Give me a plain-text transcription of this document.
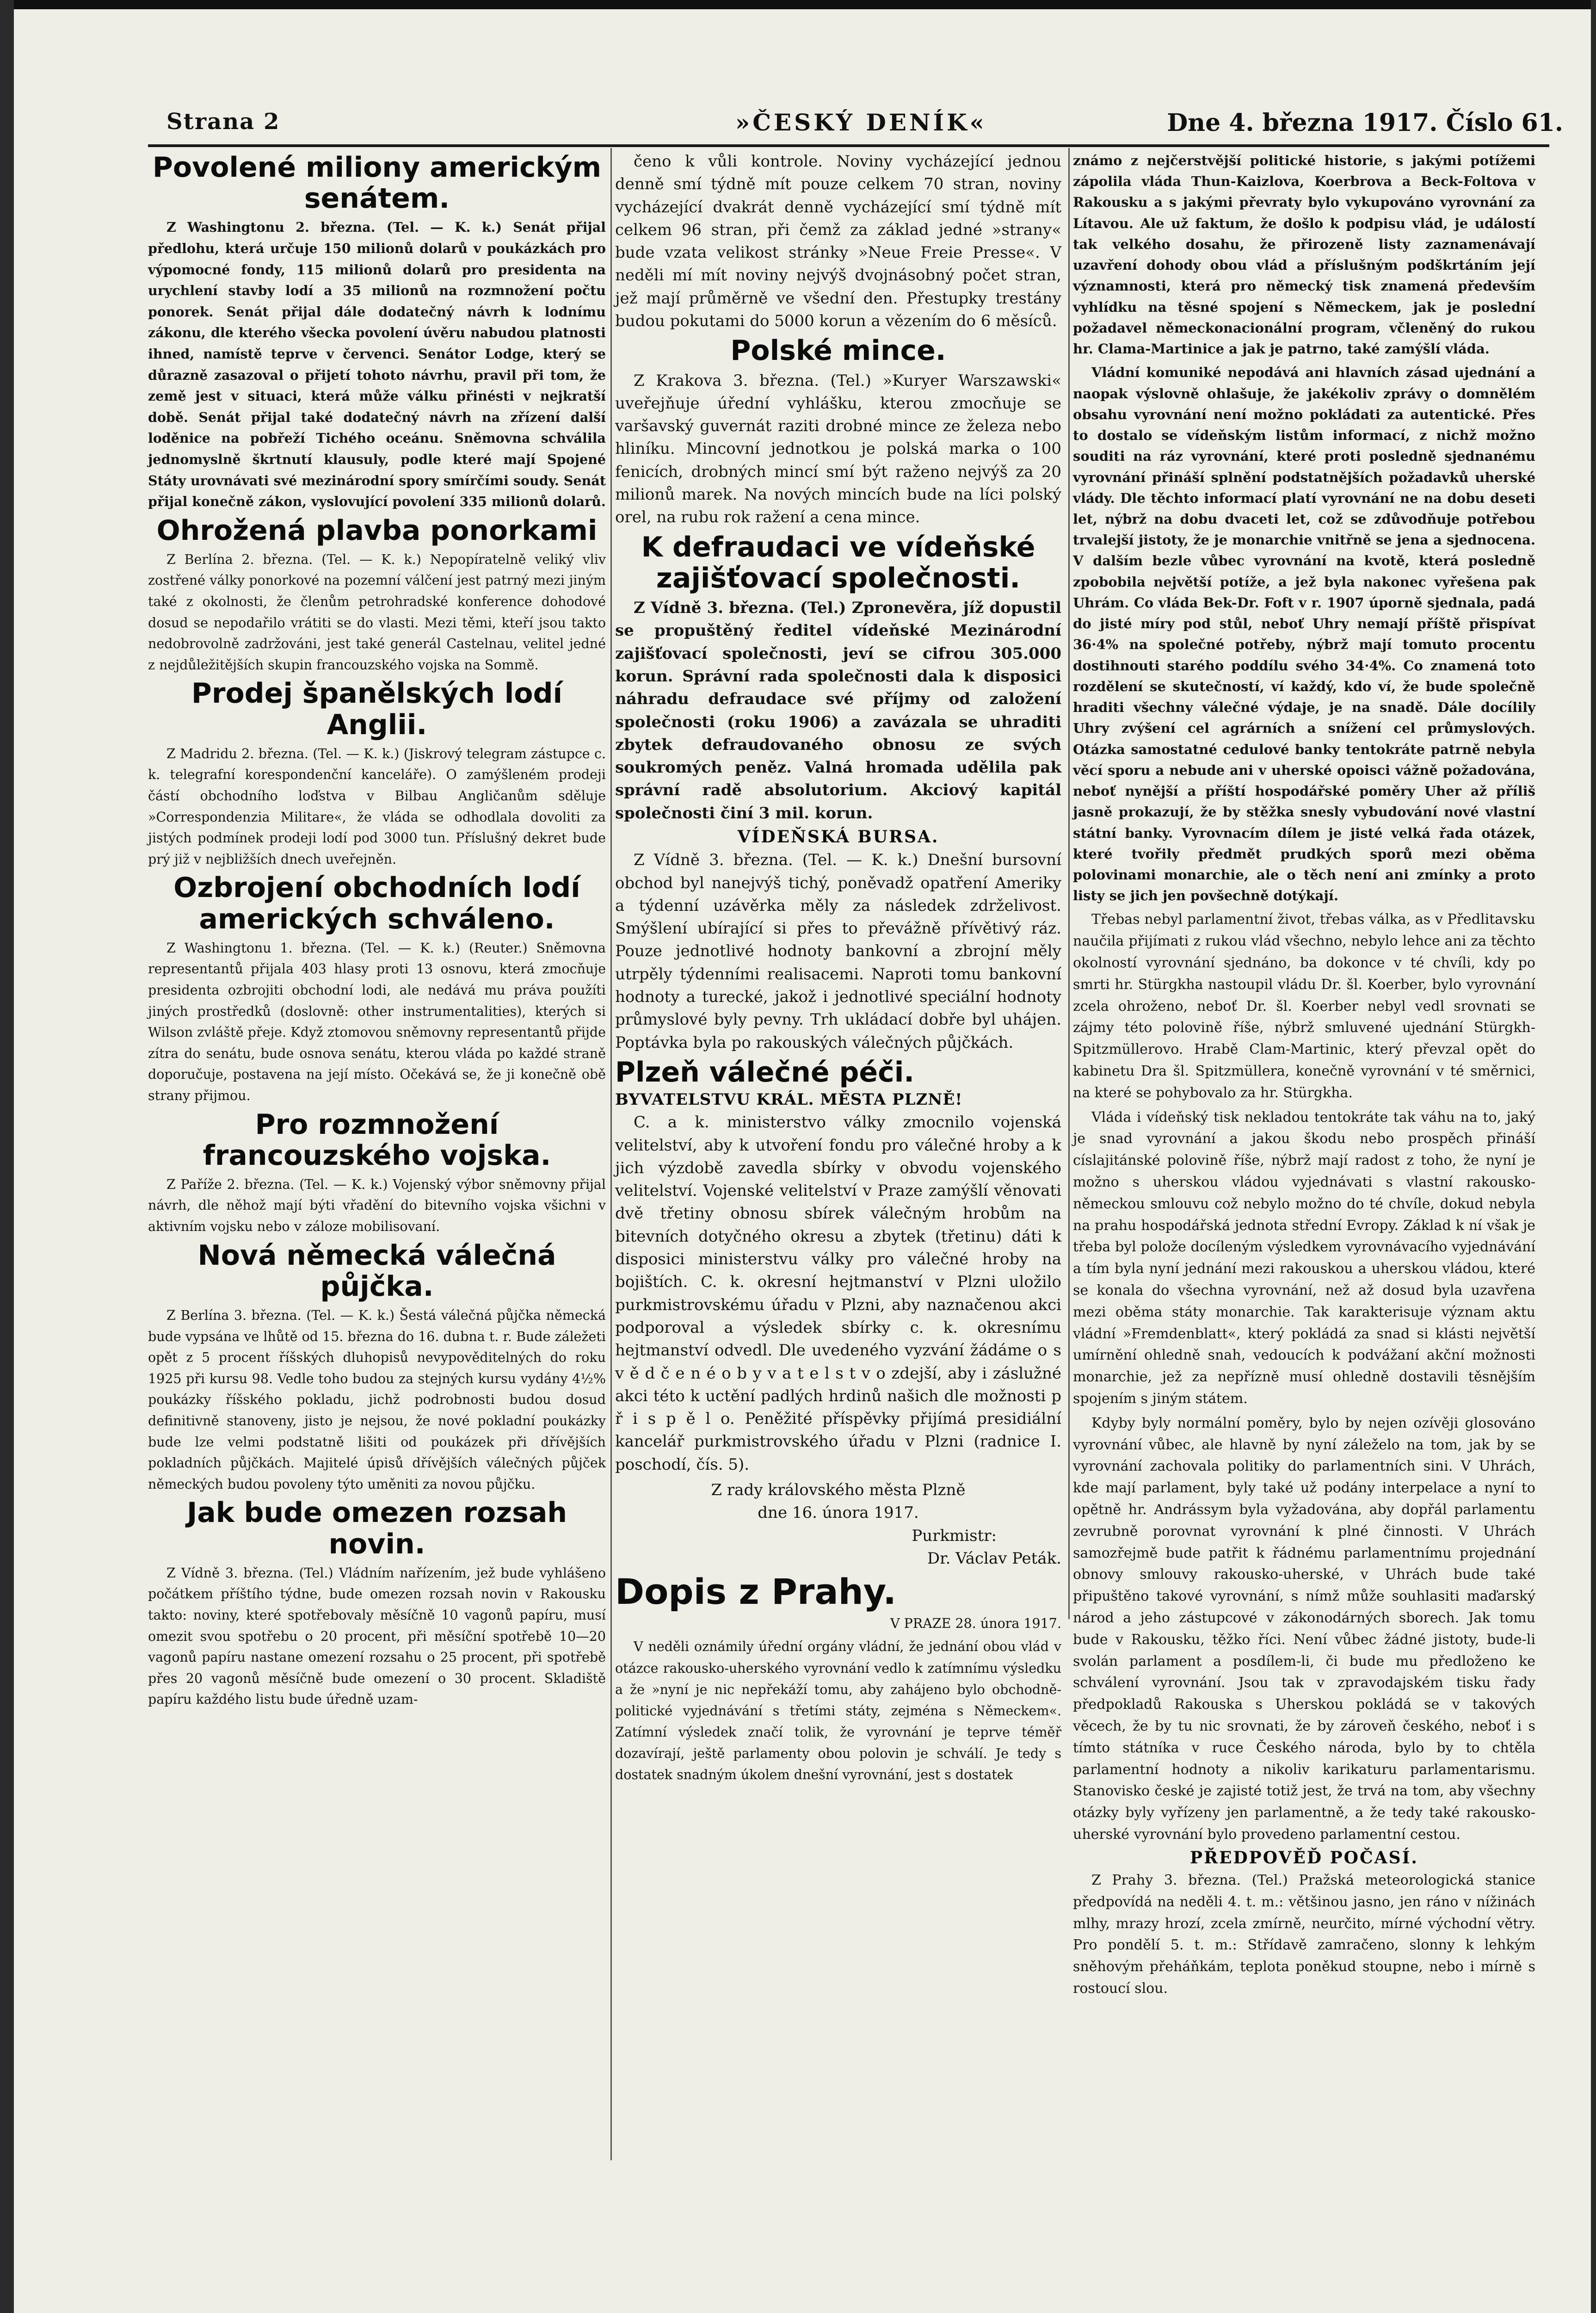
Strana 2	»ČESKÝ DENÍK«	Dne 4. března 1917. Číslo 61.
Povolené miliony americkým senátem.

Z Washingtonu 2. března. (Tel. — K. k.) Senát přijal předlohu, která určuje 150 milionů dolarů v poukázkách pro výpomocné fondy, 115 milionů dolarů pro presidenta na urychlení stavby lodí a 35 milionů na rozmnožení počtu ponorek. Senát přijal dále dodatečný návrh k lodnímu zákonu, dle kterého všecka povolení úvěru nabudou platnosti ihned, namístě teprve v červenci. Senátor Lodge, který se důrazně zasazoval o přijetí tohoto návrhu, pravil při tom, že země jest v situaci, která může válku přinésti v nejkratší době. Senát přijal také dodatečný návrh na zřízení další loděnice na pobřeží Tichého oceánu. Sněmovna schválila jednomyslně škrtnutí klausuly, podle které mají Spojené Státy urovnávati své mezinárodní spory smírčími soudy. Senát přijal konečně zákon, vyslovující povolení 335 milionů dolarů.

Ohrožená plavba ponorkami

Z Berlína 2. března. (Tel. — K. k.) Nepopíratelně veliký vliv zostřené války ponorkové na pozemní válčení jest patrný mezi jiným také z okolnosti, že členům petrohradské konference dohodové dosud se nepodařilo vrátiti se do vlasti. Mezi těmi, kteří jsou takto nedobrovolně zadržováni, jest také generál Castelnau, velitel jedné z nejdůležitějších skupin francouzského vojska na Sommě.

Prodej španělských lodí Anglii.

Z Madridu 2. března. (Tel. — K. k.) (Jiskrový telegram zástupce c. k. telegrafní korespondenční kanceláře). O zamýšleném prodeji částí obchodního loďstva v Bilbau Angličanům sděluje »Correspondenzia Militare«, že vláda se odhodlala dovoliti za jistých podmínek prodeji lodí pod 3000 tun. Příslušný dekret bude prý již v nejbližších dnech uveřejněn.

Ozbrojení obchodních lodí amerických schváleno.

Z Washingtonu 1. března. (Tel. — K. k.) (Reuter.) Sněmovna representantů přijala 403 hlasy proti 13 osnovu, která zmocňuje presidenta ozbrojiti obchodní lodi, ale nedává mu práva použíti jiných prostředků (doslovně: other instrumentalities), kterých si Wilson zvláště přeje. Když ztomovou sněmovny representantů přijde zítra do senátu, bude osnova senátu, kterou vláda po každé straně doporučuje, postavena na její místo. Očekává se, že ji konečně obě strany přijmou.

Pro rozmnožení francouzského vojska.

Z Paříže 2. března. (Tel. — K. k.) Vojenský výbor sněmovny přijal návrh, dle něhož mají býti vřadění do bitevního vojska všichni v aktivním vojsku nebo v záloze mobilisovaní.

Nová německá válečná půjčka.

Z Berlína 3. března. (Tel. — K. k.) Šestá válečná půjčka německá bude vypsána ve lhůtě od 15. března do 16. dubna t. r. Bude záležeti opět z 5 procent říšských dluhopisů nevypověditelných do roku 1925 při kursu 98. Vedle toho budou za stejných kursu vydány 4½% poukázky říšského pokladu, jichž podrobnosti budou dosud definitivně stanoveny, jisto je nejsou, že nové pokladní poukázky bude lze velmi podstatně lišiti od poukázek při dřívějších pokladních půjčkách. Majitelé úpisů dřívějších válečných půjček německých budou povoleny týto uměniti za novou půjčku.

Jak bude omezen rozsah novin.

Z Vídně 3. března. (Tel.) Vládním nařízením, jež bude vyhlášeno počátkem příštího týdne, bude omezen rozsah novin v Rakousku takto: noviny, které spotřebovaly měsíčně 10 vagonů papíru, musí omezit svou spotřebu o 20 procent, při měsíční spotřebě 10—20 vagonů papíru nastane omezení rozsahu o 25 procent, při spotřebě přes 20 vagonů měsíčně bude omezení o 30 procent. Skladiště papíru každého listu bude úředně uzam-

čeno k vůli kontrole. Noviny vycházející jednou denně smí týdně mít pouze celkem 70 stran, noviny vycházející dvakrát denně vycházející smí týdně mít celkem 96 stran, při čemž za základ jedné »strany« bude vzata velikost stránky »Neue Freie Presse«. V neděli mí mít noviny nejvýš dvojnásobný počet stran, jež mají průměrně ve všední den. Přestupky trestány budou pokutami do 5000 korun a vězením do 6 měsíců.

Polské mince.

Z Krakova 3. března. (Tel.) »Kuryer Warszawski« uveřejňuje úřední vyhlášku, kterou zmocňuje se varšavský guvernát raziti drobné mince ze železa nebo hliníku. Mincovní jednotkou je polská marka o 100 fenicích, drobných mincí smí být raženo nejvýš za 20 milionů marek. Na nových mincích bude na líci polský orel, na rubu rok ražení a cena mince.

K defraudaci ve vídeňské zajišťovací společnosti.

Z Vídně 3. března. (Tel.) Zpronevěra, jíž dopustil se propuštěný ředitel vídeňské Mezinárodní zajišťovací společnosti, jeví se cifrou 305.000 korun. Správní rada společnosti dala k disposici náhradu defraudace své příjmy od založení společnosti (roku 1906) a zavázala se uhraditi zbytek defraudovaného obnosu ze svých soukromých peněz. Valná hromada udělila pak správní radě absolutorium. Akciový kapitál společnosti činí 3 mil. korun.

VÍDEŇSKÁ BURSA.

Z Vídně 3. března. (Tel. — K. k.) Dnešní bursovní obchod byl nanejvýš tichý, poněvadž opatření Ameriky a týdenní uzávěrka měly za následek zdrželivost. Smýšlení ubírající si přes to převážně přívětivý ráz. Pouze jednotlivé hodnoty bankovní a zbrojní měly utrpěly týdenními realisacemi. Naproti tomu bankovní hodnoty a turecké, jakož i jednotlivé speciální hodnoty průmyslové byly pevny. Trh ukládací dobře byl uhájen. Poptávka byla po rakouských válečných půjčkách.

Plzeň válečné péči.
BYVATELSTVU KRÁL. MĚSTA PLZNĚ!

C. a k. ministerstvo války zmocnilo vojenská velitelství, aby k utvoření fondu pro válečné hroby a k jich výzdobě zavedla sbírky v obvodu vojenského velitelství. Vojenské velitelství v Praze zamýšlí věnovati dvě třetiny obnosu sbírek válečným hrobům na bitevních dotyčného okresu a zbytek (třetinu) dáti k disposici ministerstvu války pro válečné hroby na bojištích. C. k. okresní hejtmanství v Plzni uložilo purkmistrovskému úřadu v Plzni, aby naznačenou akci podporoval a výsledek sbírky c. k. okresnímu hejtmanství odvedl. Dle uvedeného vyzvání žádáme o s v ě d č e n é o b y v a t e l s t v o zdejší, aby i záslužné akci této k uctění padlých hrdinů našich dle možnosti p ř i s p ě l o. Peněžité příspěvky přijímá presidiální kancelář purkmistrovského úřadu v Plzni (radnice I. poschodí, čís. 5).

Z rady královského města Plzně

dne 16. února 1917.

Purkmistr:

Dr. Václav Peták.

Dopis z Prahy.

V PRAZE 28. února 1917.

V neděli oznámily úřední orgány vládní, že jednání obou vlád v otázce rakousko-uherského vyrovnání vedlo k zatímnímu výsledku a že »nyní je nic nepřekáží tomu, aby zahájeno bylo obchodně-politické vyjednávání s třetími státy, zejména s Německem«. Zatímní výsledek značí tolik, že vyrovnání je teprve téměř dozavírají, ještě parlamenty obou polovin je schválí. Je tedy s dostatek snadným úkolem dnešní vyrovnání, jest s dostatek

známo z nejčerstvější politické historie, s jakými potížemi zápolila vláda Thun-Kaizlova, Koerbrova a Beck-Foltova v Rakousku a s jakými převraty bylo vykupováno vyrovnání za Lítavou. Ale už faktum, že došlo k podpisu vlád, je událostí tak velkého dosahu, že přirozeně listy zaznamenávají uzavření dohody obou vlád a příslušným podškrtáním její významnosti, která pro německý tisk znamená především vyhlídku na těsné spojení s Německem, jak je poslední požadavel německonacionální program, včleněný do rukou hr. Clama-Martinice a jak je patrno, také zamýšlí vláda.

Vládní komuniké nepodává ani hlavních zásad ujednání a naopak výslovně ohlašuje, že jakékoliv zprávy o domnělém obsahu vyrovnání není možno pokládati za autentické. Přes to dostalo se vídeňským listům informací, z nichž možno souditi na ráz vyrovnání, které proti posledně sjednanému vyrovnání přináší splnění podstatnějších požadavků uherské vlády. Dle těchto informací platí vyrovnání ne na dobu deseti let, nýbrž na dobu dvaceti let, což se zdůvodňuje potřebou trvalejší jistoty, že je monarchie vnitřně se jena a sjednocena. V dalším bezle vůbec vyrovnání na kvotě, která posledně zpobobila největší potíže, a jež byla nakonec vyřešena pak Uhrám. Co vláda Bek-Dr. Foft v r. 1907 úporně sjednala, padá do jisté míry pod stůl, neboť Uhry nemají příště přispívat 36·4% na společné potřeby, nýbrž mají tomuto procentu dostihnouti starého poddílu svého 34·4%. Co znamená toto rozdělení se skutečností, ví každý, kdo ví, že bude společně hraditi všechny válečné výdaje, je na snadě. Dále docílily Uhry zvýšení cel agrárních a snížení cel průmyslových. Otázka samostatné cedulové banky tentokráte patrně nebyla věcí sporu a nebude ani v uherské opoisci vážně požadována, neboť nynější a příští hospodářské poměry Uher až příliš jasně prokazují, že by stěžka snesly vybudování nové vlastní státní banky. Vyrovnacím dílem je jisté velká řada otázek, které tvořily předmět prudkých sporů mezi oběma polovinami monarchie, ale o těch není ani zmínky a proto listy se jich jen povšechně dotýkají.

Třebas nebyl parlamentní život, třebas válka, as v Předlitavsku naučila přijímati z rukou vlád všechno, nebylo lehce ani za těchto okolností vyrovnání sjednáno, ba dokonce v té chvíli, kdy po smrti hr. Stürgkha nastoupil vládu Dr. šl. Koerber, bylo vyrovnání zcela ohroženo, neboť Dr. šl. Koerber nebyl vedl srovnati se zájmy této polovině říše, nýbrž smluvené ujednání Stürgkh-Spitzmüllerovo. Hrabě Clam-Martinic, který převzal opět do kabinetu Dra šl. Spitzmüllera, konečně vyrovnání v té směrnici, na které se pohybovalo za hr. Stürgkha.

Vláda i vídeňský tisk nekladou tentokráte tak váhu na to, jaký je snad vyrovnání a jakou škodu nebo prospěch přináší císlajitánské polovině říše, nýbrž mají radost z toho, že nyní je možno s uherskou vládou vyjednávati s vlastní rakousko-německou smlouvu což nebylo možno do té chvíle, dokud nebyla na prahu hospodářská jednota střední Evropy. Základ k ní však je třeba byl polože docíleným výsledkem vyrovnávacího vyjednávání a tím byla nyní jednání mezi rakouskou a uherskou vládou, které se konala do všechna vyrovnání, než až dosud byla uzavřena mezi oběma státy monarchie. Tak karakterisuje význam aktu vládní »Fremdenblatt«, který pokládá za snad si klásti největší umírnění ohledně snah, vedoucích k podvážaní akční možnosti monarchie, jež za nepřízně musí ohledně dostavili těsnějším spojením s jiným státem.

Kdyby byly normální poměry, bylo by nejen ozívěji glosováno vyrovnání vůbec, ale hlavně by nyní záleželo na tom, jak by se vyrovnání zachovala politiky do parlamentních sini. V Uhrách, kde mají parlament, byly také už podány interpelace a nyní to opětně hr. Andrássym byla vyžadována, aby dopřál parlamentu zevrubně porovnat vyrovnání k plné činnosti. V Uhrách samozřejmě bude patřit k řádnému parlamentnímu projednání obnovy smlouvy rakousko-uherské, v Uhrách bude také připuštěno takové vyrovnání, s nímž může souhlasiti maďarský národ a jeho zástupcové v zákonodárných sborech. Jak tomu bude v Rakousku, těžko říci. Není vůbec žádné jistoty, bude-li svolán parlament a posdílem-li, či bude mu předloženo ke schválení vyrovnání. Jsou tak v zpravodajském tisku řady předpokladů Rakouska s Uherskou pokládá se v takových věcech, že by tu nic srovnati, že by zároveň českého, neboť i s tímto státníka v ruce Českého národa, bylo by to chtěla parlamentní hodnoty a nikoliv karikaturu parlamentarismu. Stanovisko české je zajisté totiž jest, že trvá na tom, aby všechny otázky byly vyřízeny jen parlamentně, a že tedy také rakousko-uherské vyrovnání bylo provedeno parlamentní cestou.

PŘEDPOVĚĎ POČASÍ.

Z Prahy 3. března. (Tel.) Pražská meteorologická stanice předpovídá na neděli 4. t. m.: většinou jasno, jen ráno v nížinách mlhy, mrazy hrozí, zcela zmírně, neurčito, mírné východní větry. Pro pondělí 5. t. m.: Střídavě zamračeno, slonny k lehkým sněhovým přeháňkám, teplota poněkud stoupne, nebo i mírně s rostoucí slou.
